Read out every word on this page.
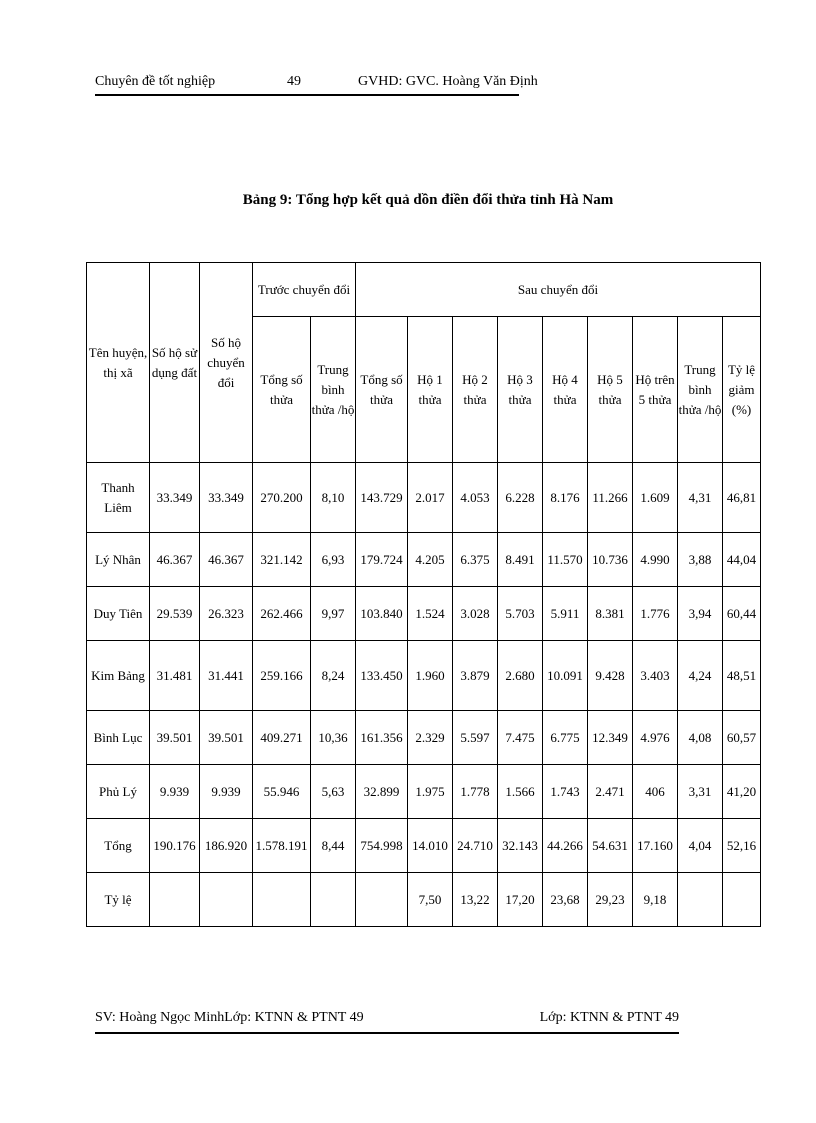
Chuyên đề tốt nghiệp	49	GVHD: GVC. Hoàng Văn Định
Bảng 9: Tổng hợp kết quả dồn điền đổi thửa tỉnh Hà Nam
Tên huyện, thị xã	Số hộ sử dụng đất	Số hộ chuyển đổi	Trước chuyển đổi		Sau chuyển đổi								
			Tổng số thửa	Trung bình thửa /hộ	Tổng số thửa	Hộ 1 thửa	Hộ 2 thửa	Hộ 3 thửa	Hộ 4 thửa	Hộ 5 thửa	Hộ trên 5 thửa	Trung bình thửa /hộ	Tỷ lệ giảm (%)
Thanh Liêm	33.349	33.349	270.200	8,10	143.729	2.017	4.053	6.228	8.176	11.266	1.609	4,31	46,81
Lý Nhân	46.367	46.367	321.142	6,93	179.724	4.205	6.375	8.491	11.570	10.736	4.990	3,88	44,04
Duy Tiên	29.539	26.323	262.466	9,97	103.840	1.524	3.028	5.703	5.911	8.381	1.776	3,94	60,44
Kim Bảng	31.481	31.441	259.166	8,24	133.450	1.960	3.879	2.680	10.091	9.428	3.403	4,24	48,51
Bình Lục	39.501	39.501	409.271	10,36	161.356	2.329	5.597	7.475	6.775	12.349	4.976	4,08	60,57
Phủ Lý	9.939	9.939	55.946	5,63	32.899	1.975	1.778	1.566	1.743	2.471	406	3,31	41,20
Tổng	190.176	186.920	1.578.191	8,44	754.998	14.010	24.710	32.143	44.266	54.631	17.160	4,04	52,16
Tỷ lệ						7,50	13,22	17,20	23,68	29,23	9,18		
SV: Hoàng Ngọc MinhLớp: KTNN & PTNT 49	Lớp: KTNN & PTNT 49
